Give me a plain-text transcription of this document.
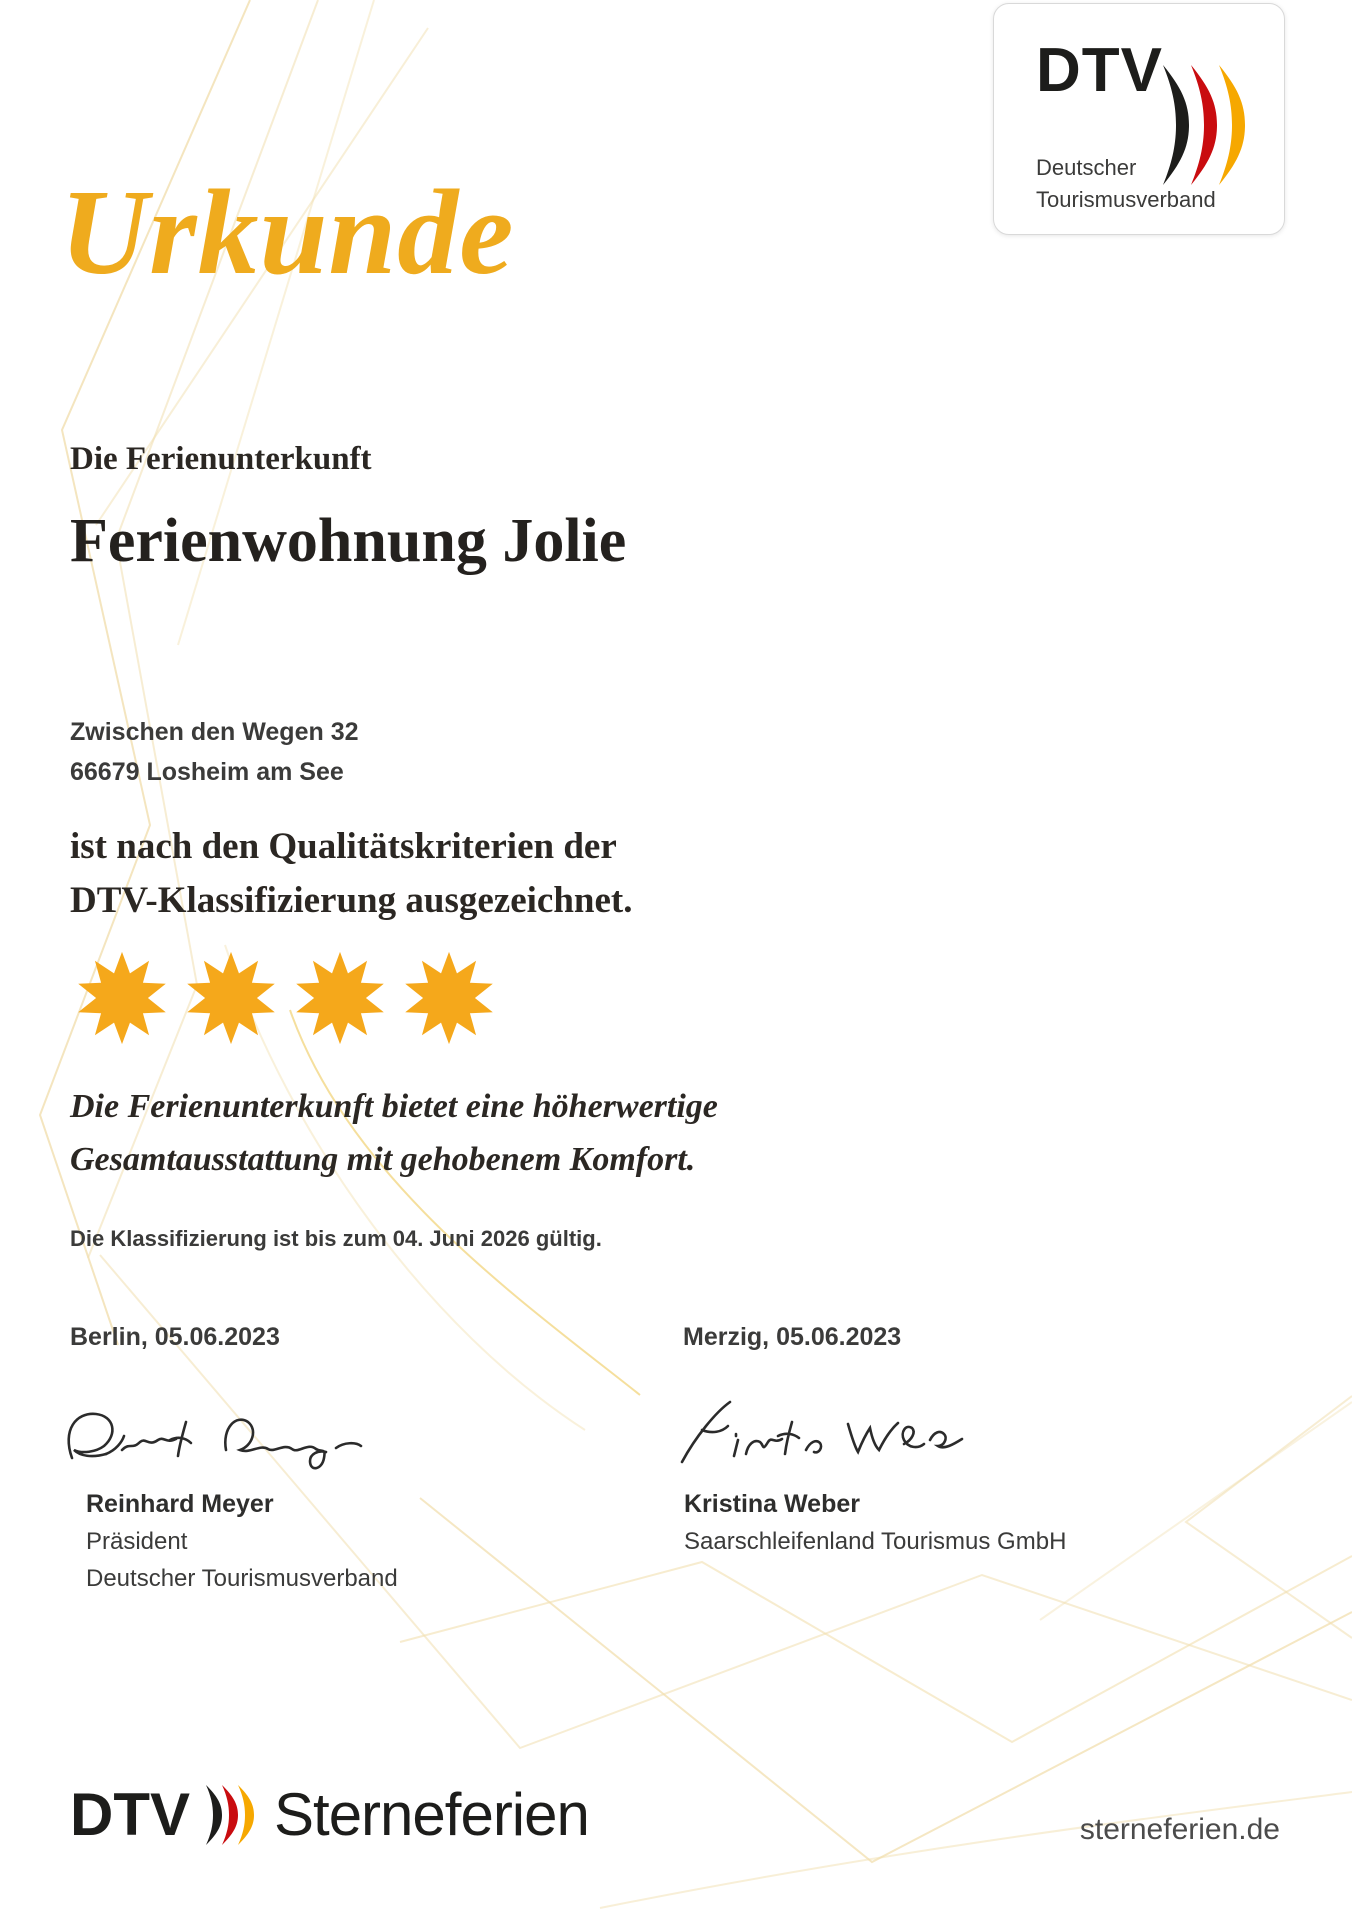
DTV
Deutscher
Tourismusverband
Urkunde
Die Ferienunterkunft
Ferienwohnung Jolie
Zwischen den Wegen 32
66679 Losheim am See
ist nach den Qualitätskriterien der
DTV-Klassifizierung ausgezeichnet.
Die Ferienunterkunft bietet eine höherwertige
Gesamtausstattung mit gehobenem Komfort.
Die Klassifizierung ist bis zum 04. Juni 2026 gültig.
Berlin, 05.06.2023	Merzig, 05.06.2023
Reinhard Meyer
Präsident
Deutscher Tourismusverband
Kristina Weber
Saarschleifenland Tourismus GmbH
DTV Sterneferien	sterneferien.de
